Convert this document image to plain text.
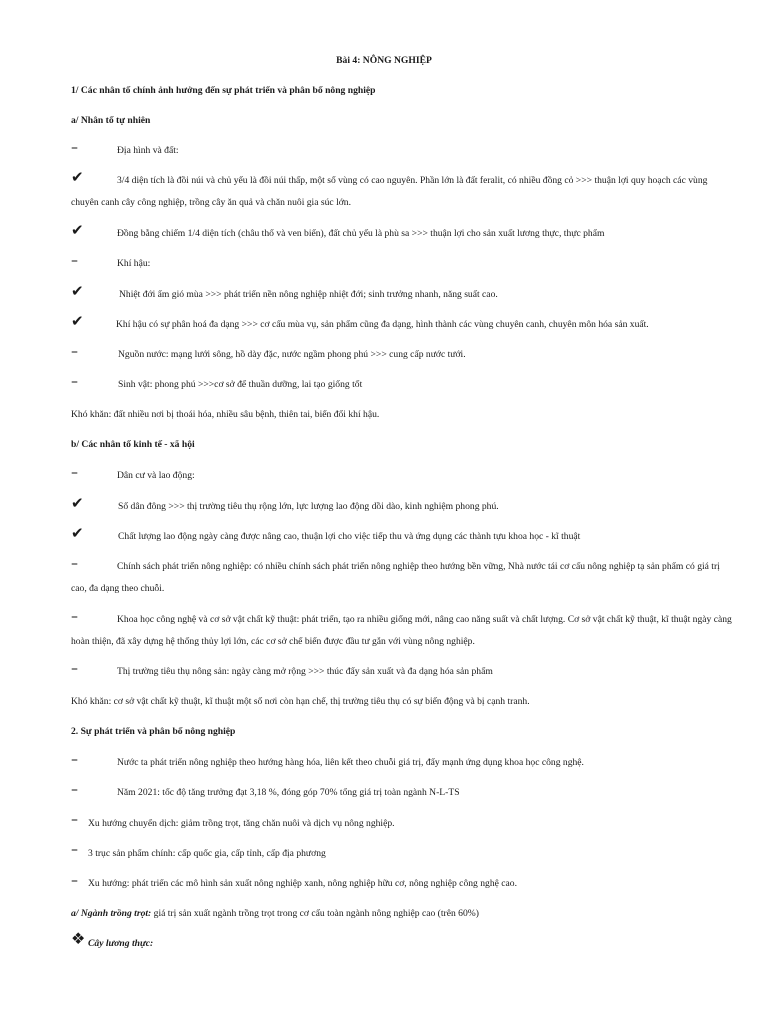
Bài 4: NÔNG NGHIỆP
1/ Các nhân tố chính ảnh hưởng đến sự phát triển và phân bố nông nghiệp
a/ Nhân tố tự nhiên
–	Địa hình và đất:
✔	3/4 diện tích là đồi núi và chủ yếu là đồi núi thấp, một số vùng có cao nguyên. Phần lớn là đất feralit, có nhiều đồng cỏ >>> thuận lợi quy hoạch các vùng
chuyên canh cây công nghiệp, trồng cây ăn quả và chăn nuôi gia súc lớn.
✔	Đồng bằng chiếm 1/4 diện tích (châu thổ và ven biển), đất chủ yếu là phù sa >>> thuận lợi cho sản xuất lương thực, thực phẩm
–	Khí hậu:
✔	Nhiệt đới ẩm gió mùa >>> phát triển nền nông nghiệp nhiệt đới; sinh trưởng nhanh, năng suất cao.
✔	Khí hậu có sự phân hoá đa dạng >>> cơ cấu mùa vụ, sản phẩm cũng đa dạng, hình thành các vùng chuyên canh, chuyên môn hóa sản xuất.
–	Nguồn nước: mạng lưới sông, hồ dày đặc, nước ngầm phong phú >>> cung cấp nước tưới.
–	Sinh vật: phong phú >>>cơ sở để thuần dưỡng, lai tạo giống tốt
Khó khăn: đất nhiều nơi bị thoái hóa, nhiều sâu bệnh, thiên tai, biến đổi khí hậu.
b/ Các nhân tố kinh tế - xã hội
–	Dân cư và lao động:
✔	Số dân đông >>> thị trường tiêu thụ rộng lớn, lực lượng lao động dồi dào, kinh nghiệm phong phú.
✔	Chất lượng lao động ngày càng được nâng cao, thuận lợi cho việc tiếp thu và ứng dụng các thành tựu khoa học - kĩ thuật
–	Chính sách phát triển nông nghiệp: có nhiều chính sách phát triển nông nghiệp theo hướng bền vững, Nhà nước tái cơ cấu nông nghiệp tạ sản phẩm có giá trị
cao, đa dạng theo chuỗi.
–	Khoa học công nghệ và cơ sở vật chất kỹ thuật: phát triển, tạo ra nhiều giống mới, nâng cao năng suất và chất lượng. Cơ sở vật chất kỹ thuật, kĩ thuật ngày càng
hoàn thiện, đã xây dựng hệ thống thủy lợi lớn, các cơ sở chế biến được đầu tư gắn với vùng nông nghiệp.
–	Thị trường tiêu thụ nông sản: ngày càng mở rộng >>> thúc đẩy sản xuất và đa dạng hóa sản phẩm
Khó khăn: cơ sở vật chất kỹ thuật, kĩ thuật một số nơi còn hạn chế, thị trường tiêu thụ có sự biến động và bị cạnh tranh.
2. Sự phát triển và phân bố nông nghiệp
–	Nước ta phát triển nông nghiệp theo hướng hàng hóa, liên kết theo chuỗi giá trị, đẩy mạnh ứng dụng khoa học công nghệ.
–	Năm 2021: tốc độ tăng trưởng đạt 3,18 %, đóng góp 70% tổng giá trị toàn ngành N-L-TS
– Xu hướng chuyển dịch: giảm trồng trọt, tăng chăn nuôi và dịch vụ nông nghiệp.
– 3 trục sản phẩm chính: cấp quốc gia, cấp tỉnh, cấp địa phương
– Xu hướng: phát triển các mô hình sản xuất nông nghiệp xanh, nông nghiệp hữu cơ, nông nghiệp công nghệ cao.
a/ Ngành trồng trọt: giá trị sản xuất ngành trồng trọt trong cơ cấu toàn ngành nông nghiệp cao (trên 60%)
❖ Cây lương thực:
